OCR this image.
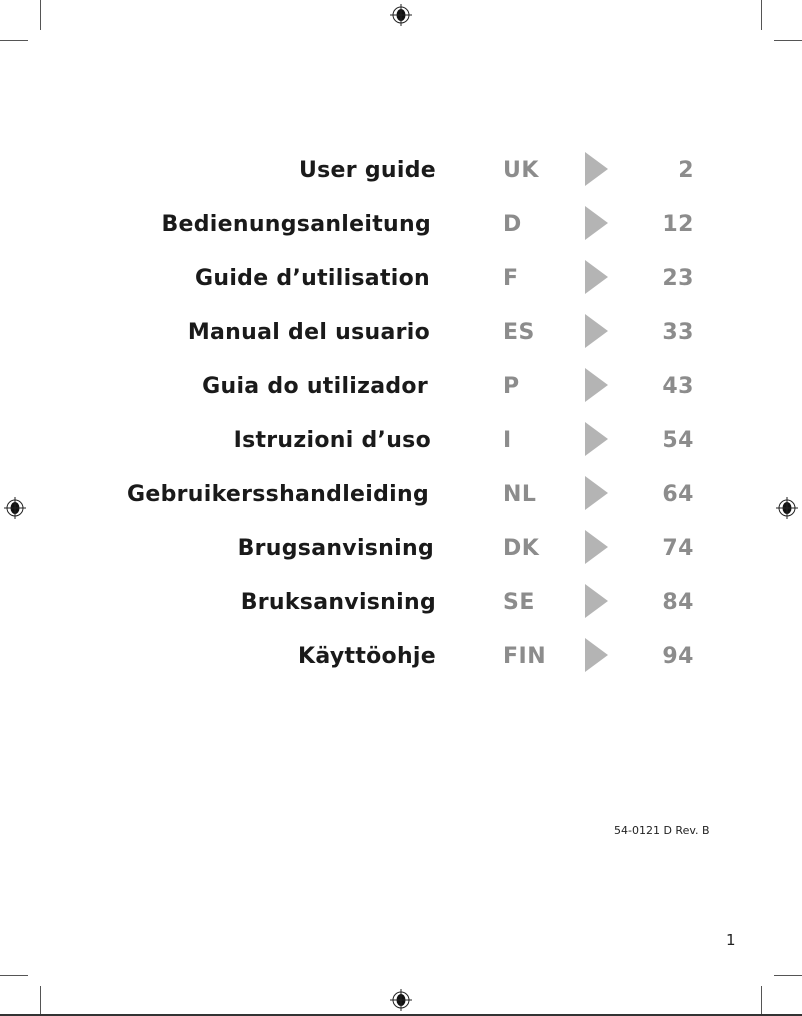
User guide	UK	2
Bedienungsanleitung	D	12
Guide d’utilisation	F	23
Manual del usuario	ES	33
Guia do utilizador	P	43
Istruzioni d’uso	I	54
Gebruikersshandleiding	NL	64
Brugsanvisning	DK	74
Bruksanvisning	SE	84
Käyttöohje	FIN	94
54-0121 D Rev. B
1
